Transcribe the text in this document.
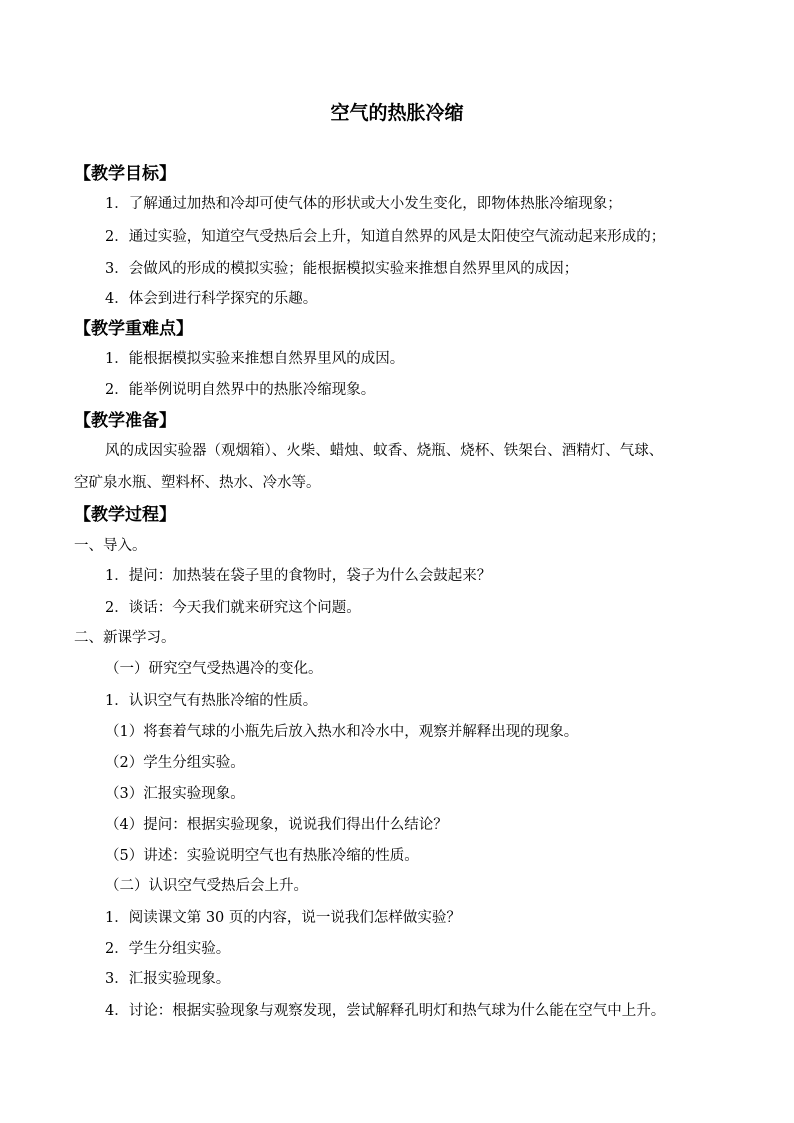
空气的热胀冷缩
【教学目标】
1．了解通过加热和冷却可使气体的形状或大小发生变化，即物体热胀冷缩现象；
2．通过实验，知道空气受热后会上升，知道自然界的风是太阳使空气流动起来形成的；
3．会做风的形成的模拟实验；能根据模拟实验来推想自然界里风的成因；
4．体会到进行科学探究的乐趣。
【教学重难点】
1．能根据模拟实验来推想自然界里风的成因。
2．能举例说明自然界中的热胀冷缩现象。
【教学准备】
风的成因实验器（观烟箱）、火柴、蜡烛、蚊香、烧瓶、烧杯、铁架台、酒精灯、气球、
空矿泉水瓶、塑料杯、热水、冷水等。
【教学过程】
一、导入。
1．提问：加热装在袋子里的食物时，袋子为什么会鼓起来？
2．谈话：今天我们就来研究这个问题。
二、新课学习。
（一）研究空气受热遇冷的变化。
1．认识空气有热胀冷缩的性质。
（1）将套着气球的小瓶先后放入热水和冷水中，观察并解释出现的现象。
（2）学生分组实验。
（3）汇报实验现象。
（4）提问：根据实验现象，说说我们得出什么结论？
（5）讲述：实验说明空气也有热胀冷缩的性质。
（二）认识空气受热后会上升。
1．阅读课文第 30 页的内容，说一说我们怎样做实验？
2．学生分组实验。
3．汇报实验现象。
4．讨论：根据实验现象与观察发现，尝试解释孔明灯和热气球为什么能在空气中上升。
